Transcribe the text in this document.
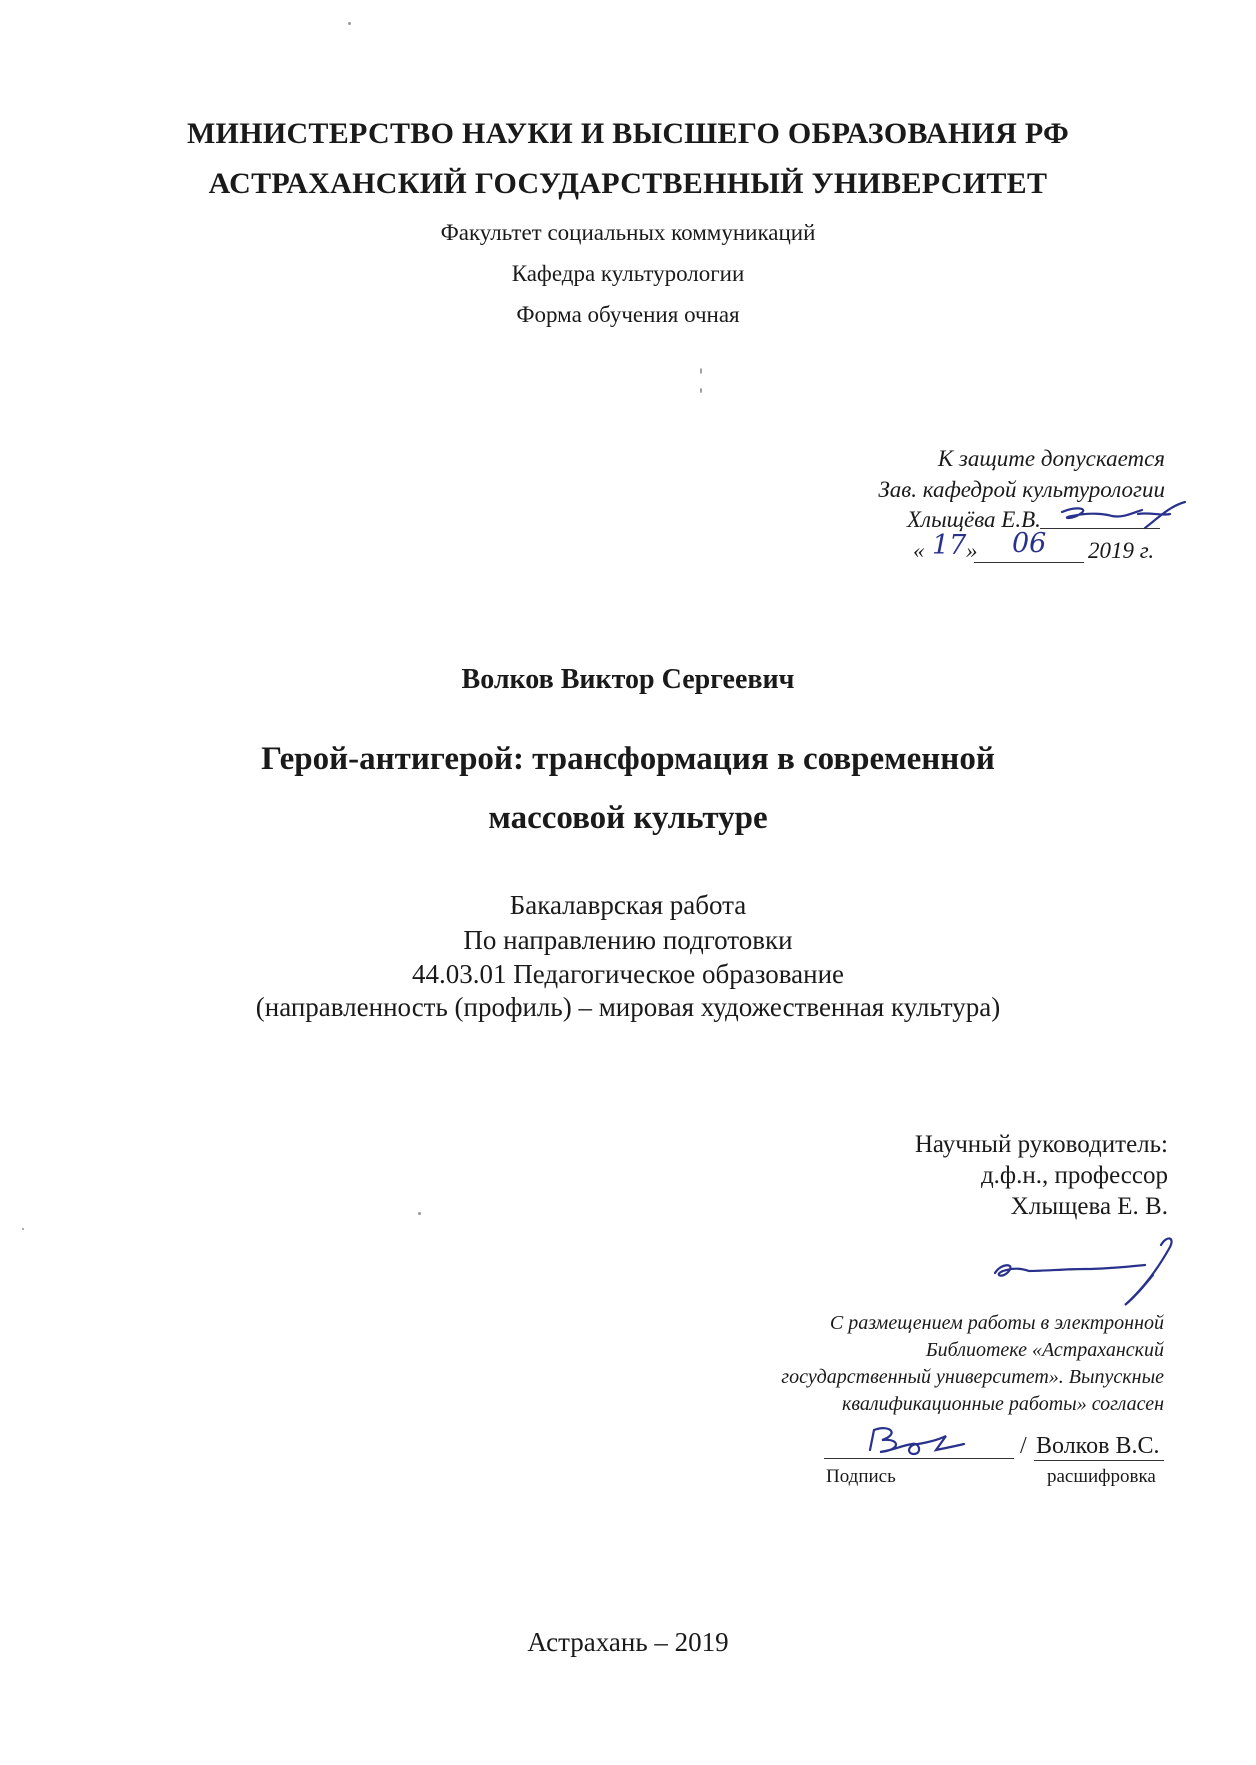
МИНИСТЕРСТВО НАУКИ И ВЫСШЕГО ОБРАЗОВАНИЯ РФ
АСТРАХАНСКИЙ ГОСУДАРСТВЕННЫЙ УНИВЕРСИТЕТ
Факультет социальных коммуникаций
Кафедра культурологии
Форма обучения очная
К защите допускается
Зав. кафедрой культурологии
Хлыщёва Е.В.
« 17 » 06 2019 г.
Волков Виктор Сергеевич
Герой-антигерой: трансформация в современной
массовой культуре
Бакалаврская работа
По направлению подготовки
44.03.01 Педагогическое образование
(направленность (профиль) – мировая художественная культура)
Научный руководитель:
д.ф.н., профессор
Хлыщева Е. В.
С размещением работы в электронной
Библиотеке «Астраханский
государственный университет». Выпускные
квалификационные работы» согласен
/ Волков В.С.
Подпись	расшифровка
Астрахань – 2019
